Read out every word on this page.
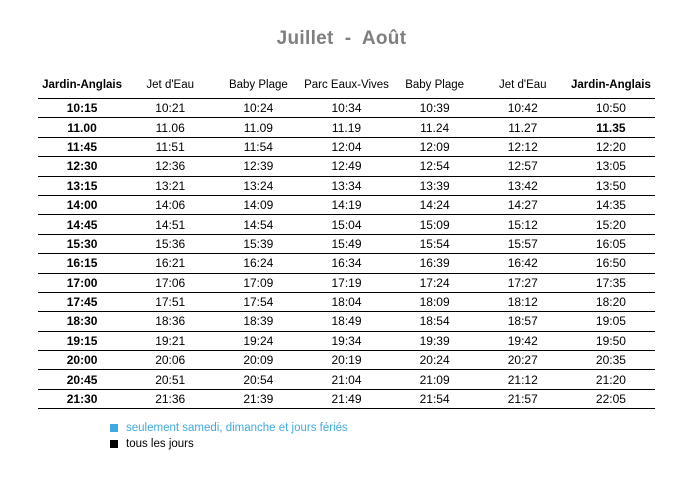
Juillet  -  Août
Jardin-Anglais	Jet d'Eau	Baby Plage	Parc Eaux-Vives	Baby Plage	Jet d'Eau	Jardin-Anglais
10:15	10:21	10:24	10:34	10:39	10:42	10:50
11.00	11.06	11.09	11.19	11.24	11.27	11.35
11:45	11:51	11:54	12:04	12:09	12:12	12:20
12:30	12:36	12:39	12:49	12:54	12:57	13:05
13:15	13:21	13:24	13:34	13:39	13:42	13:50
14:00	14:06	14:09	14:19	14:24	14:27	14:35
14:45	14:51	14:54	15:04	15:09	15:12	15:20
15:30	15:36	15:39	15:49	15:54	15:57	16:05
16:15	16:21	16:24	16:34	16:39	16:42	16:50
17:00	17:06	17:09	17:19	17:24	17:27	17:35
17:45	17:51	17:54	18:04	18:09	18:12	18:20
18:30	18:36	18:39	18:49	18:54	18:57	19:05
19:15	19:21	19:24	19:34	19:39	19:42	19:50
20:00	20:06	20:09	20:19	20:24	20:27	20:35
20:45	20:51	20:54	21:04	21:09	21:12	21:20
21:30	21:36	21:39	21:49	21:54	21:57	22:05
seulement samedi, dimanche et jours fériés
tous les jours
